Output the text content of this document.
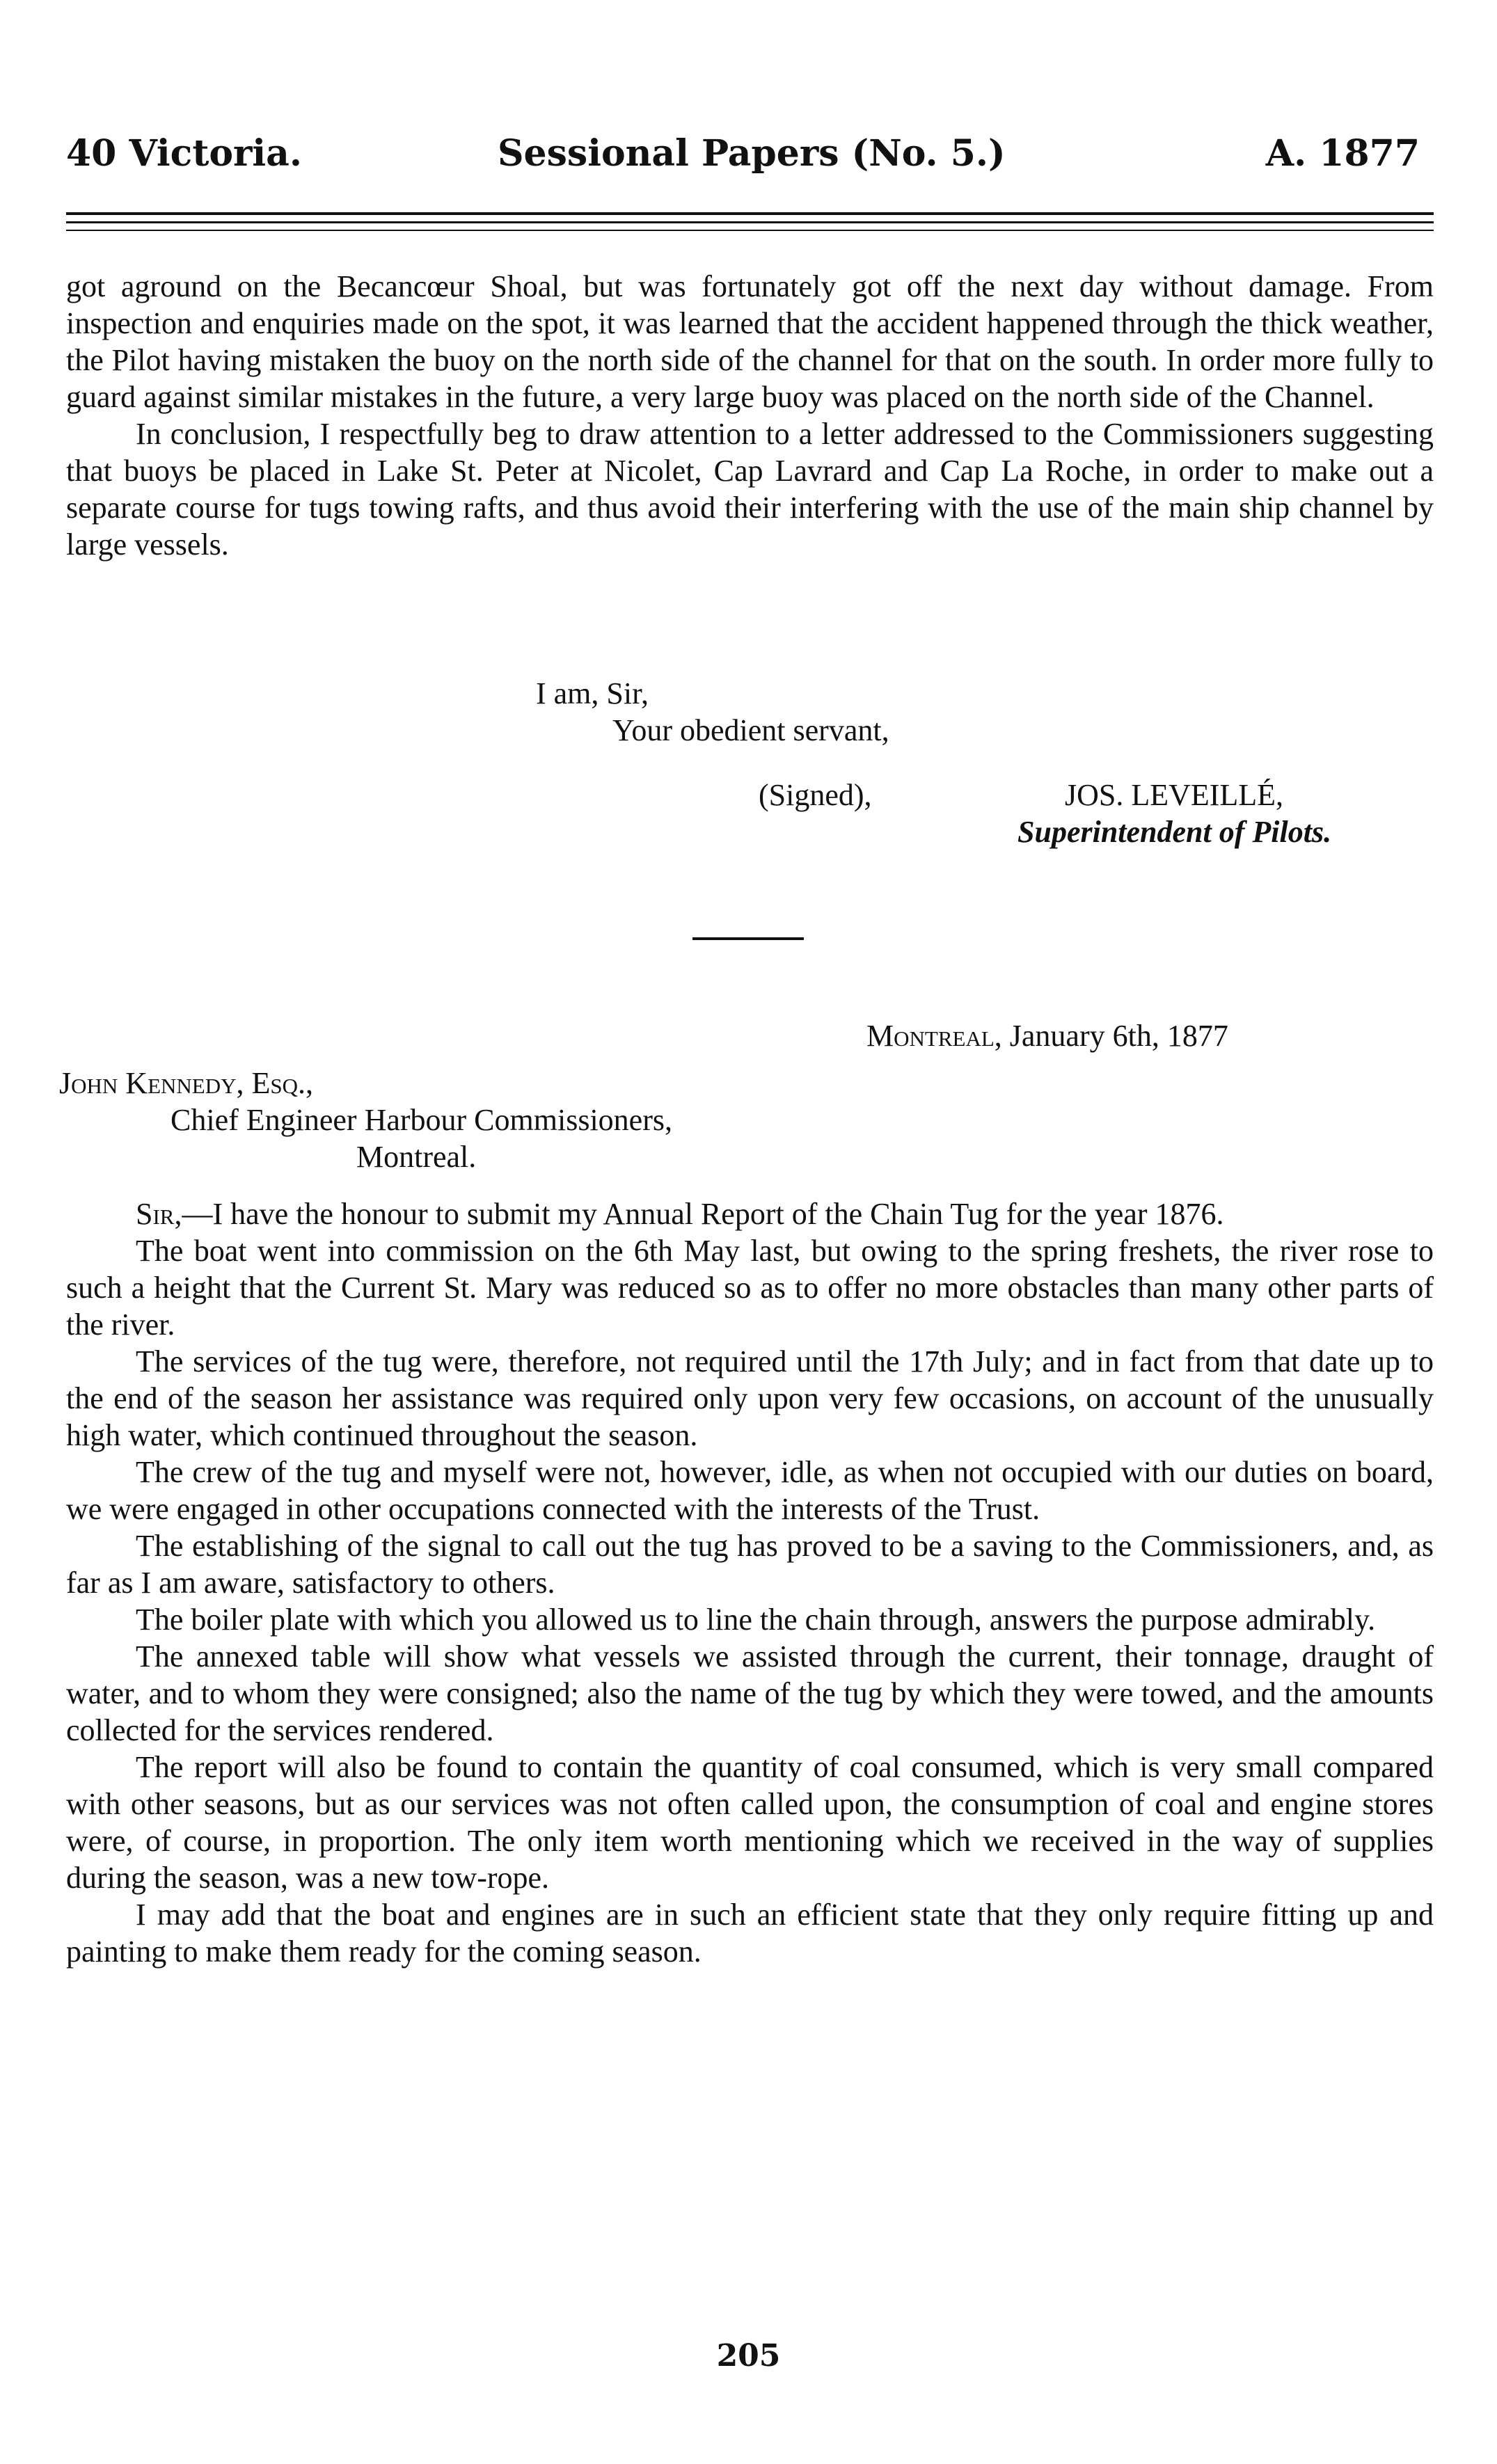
40 Victoria.	Sessional Papers (No. 5.)	A. 1877

got aground on the Becancœur Shoal, but was fortunately got off the next day without damage. From inspection and enquiries made on the spot, it was learned that the accident happened through the thick weather, the Pilot having mistaken the buoy on the north side of the channel for that on the south. In order more fully to guard against similar mistakes in the future, a very large buoy was placed on the north side of the Channel.

In conclusion, I respectfully beg to draw attention to a letter addressed to the Commissioners suggesting that buoys be placed in Lake St. Peter at Nicolet, Cap Lavrard and Cap La Roche, in order to make out a separate course for tugs towing rafts, and thus avoid their interfering with the use of the main ship channel by large vessels.

I am, Sir,
Your obedient servant,
(Signed),	JOS. LEVEILLÉ,
Superintendent of Pilots.
Montreal, January 6th, 1877
John Kennedy, Esq.,
Chief Engineer Harbour Commissioners,
Montreal.

Sir,—I have the honour to submit my Annual Report of the Chain Tug for the year 1876.

The boat went into commission on the 6th May last, but owing to the spring freshets, the river rose to such a height that the Current St. Mary was reduced so as to offer no more obstacles than many other parts of the river.

The services of the tug were, therefore, not required until the 17th July; and in fact from that date up to the end of the season her assistance was required only upon very few occasions, on account of the unusually high water, which continued throughout the season.

The crew of the tug and myself were not, however, idle, as when not occupied with our duties on board, we were engaged in other occupations connected with the interests of the Trust.

The establishing of the signal to call out the tug has proved to be a saving to the Commissioners, and, as far as I am aware, satisfactory to others.

The boiler plate with which you allowed us to line the chain through, answers the purpose admirably.

The annexed table will show what vessels we assisted through the current, their tonnage, draught of water, and to whom they were consigned; also the name of the tug by which they were towed, and the amounts collected for the services rendered.

The report will also be found to contain the quantity of coal consumed, which is very small compared with other seasons, but as our services was not often called upon, the consumption of coal and engine stores were, of course, in proportion. The only item worth mentioning which we received in the way of supplies during the season, was a new tow-rope.

I may add that the boat and engines are in such an efficient state that they only require fitting up and painting to make them ready for the coming season.

205
